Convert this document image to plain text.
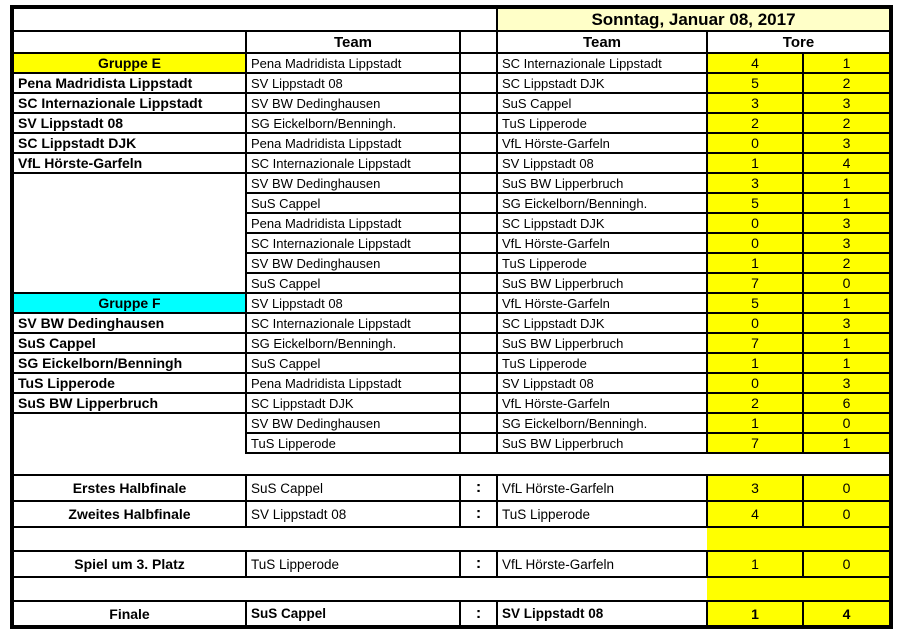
			Sonntag, Januar 08, 2017		
	Team		Team	Tore	
Gruppe E	Pena Madridista Lippstadt		SC Internazionale Lippstadt	4	1
Pena Madridista Lippstadt	SV Lippstadt 08		SC Lippstadt DJK	5	2
SC Internazionale Lippstadt	SV BW Dedinghausen		SuS Cappel	3	3
SV Lippstadt 08	SG Eickelborn/Benningh.		TuS Lipperode	2	2
SC Lippstadt DJK	Pena Madridista Lippstadt		VfL Hörste-Garfeln	0	3
VfL Hörste-Garfeln	SC Internazionale Lippstadt		SV Lippstadt 08	1	4
	SV BW Dedinghausen		SuS BW Lipperbruch	3	1
	SuS Cappel		SG Eickelborn/Benningh.	5	1
	Pena Madridista Lippstadt		SC Lippstadt DJK	0	3
	SC Internazionale Lippstadt		VfL Hörste-Garfeln	0	3
	SV BW Dedinghausen		TuS Lipperode	1	2
	SuS Cappel		SuS BW Lipperbruch	7	0
Gruppe F	SV Lippstadt 08		VfL Hörste-Garfeln	5	1
SV BW Dedinghausen	SC Internazionale Lippstadt		SC Lippstadt DJK	0	3
SuS Cappel	SG Eickelborn/Benningh.		SuS BW Lipperbruch	7	1
SG Eickelborn/Benningh	SuS Cappel		TuS Lipperode	1	1
TuS Lipperode	Pena Madridista Lippstadt		SV Lippstadt 08	0	3
SuS BW Lipperbruch	SC Lippstadt DJK		VfL Hörste-Garfeln	2	6
	SV BW Dedinghausen		SG Eickelborn/Benningh.	1	0
	TuS Lipperode		SuS BW Lipperbruch	7	1

Erstes Halbfinale	SuS Cappel	:	VfL Hörste-Garfeln	3	0
Zweites Halbfinale	SV Lippstadt 08	:	TuS Lipperode	4	0

Spiel um 3. Platz	TuS Lipperode	:	VfL Hörste-Garfeln	1	0

Finale	SuS Cappel	:	SV Lippstadt 08	1	4
